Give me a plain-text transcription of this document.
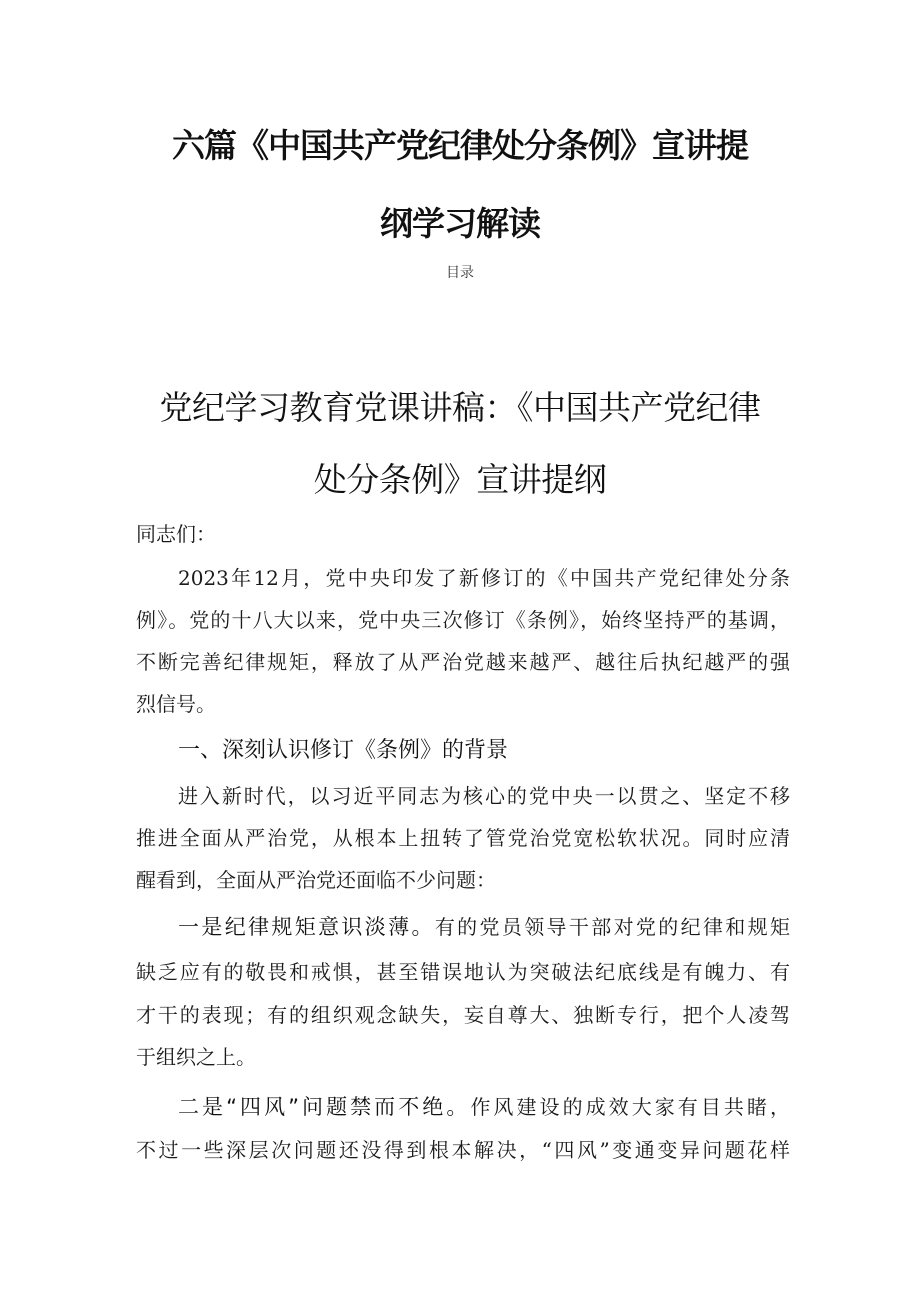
六篇《中国共产党纪律处分条例》宣讲提
纲学习解读
目录
党纪学习教育党课讲稿：《中国共产党纪律
处分条例》宣讲提纲
同志们：
2023年12月，党中央印发了新修订的《中国共产党纪律处分条
例》。党的十八大以来，党中央三次修订《条例》，始终坚持严的基调，
不断完善纪律规矩，释放了从严治党越来越严、越往后执纪越严的强
烈信号。
一、深刻认识修订《条例》的背景
进入新时代，以习近平同志为核心的党中央一以贯之、坚定不移
推进全面从严治党，从根本上扭转了管党治党宽松软状况。同时应清
醒看到，全面从严治党还面临不少问题：
一是纪律规矩意识淡薄。有的党员领导干部对党的纪律和规矩
缺乏应有的敬畏和戒惧，甚至错误地认为突破法纪底线是有魄力、有
才干的表现；有的组织观念缺失，妄自尊大、独断专行，把个人凌驾
于组织之上。
二是“四风”问题禁而不绝。作风建设的成效大家有目共睹，
不过一些深层次问题还没得到根本解决，“四风”变通变异问题花样
